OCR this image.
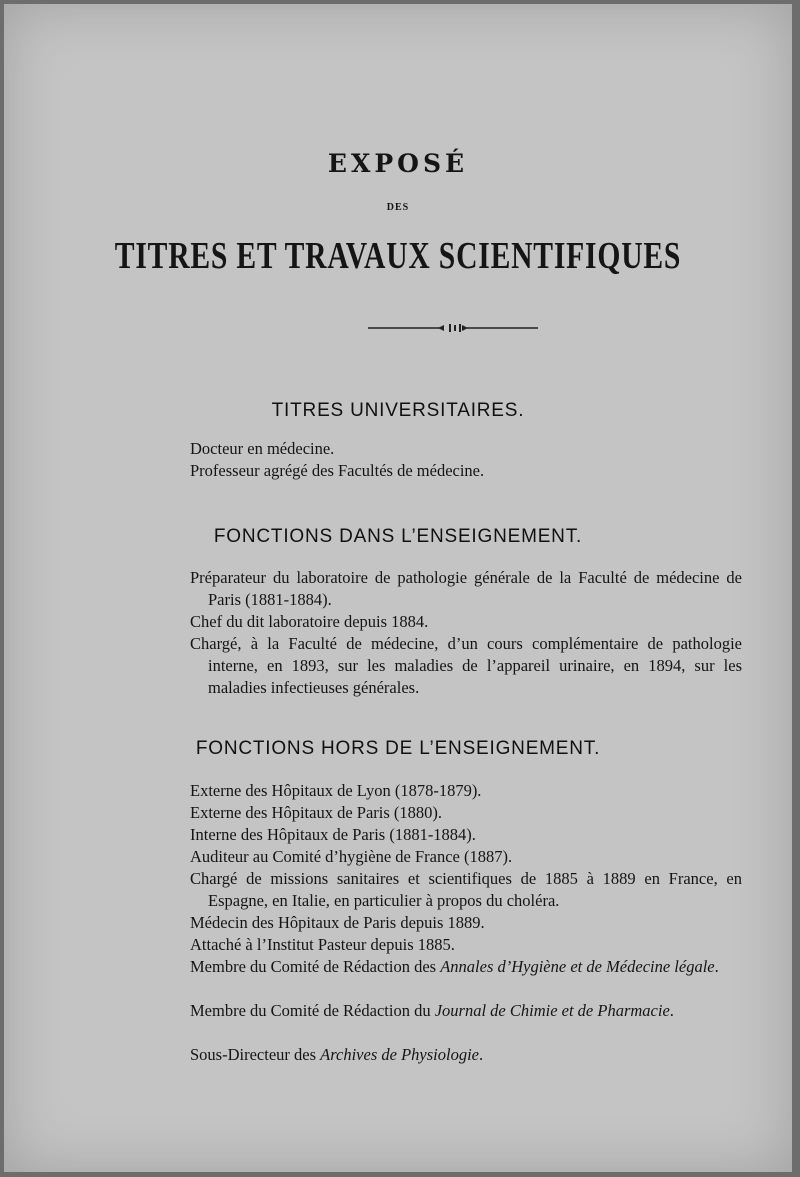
EXPOSÉ
DES
TITRES ET TRAVAUX SCIENTIFIQUES
TITRES UNIVERSITAIRES.
Docteur en médecine.
Professeur agrégé des Facultés de médecine.
FONCTIONS DANS L’ENSEIGNEMENT.
Préparateur du laboratoire de pathologie générale de la Faculté de médecine de Paris (1881-1884).
Chef du dit laboratoire depuis 1884.
Chargé, à la Faculté de médecine, d’un cours complémentaire de pathologie interne, en 1893, sur les maladies de l’appareil urinaire, en 1894, sur les maladies infectieuses générales.
FONCTIONS HORS DE L’ENSEIGNEMENT.
Externe des Hôpitaux de Lyon (1878-1879).
Externe des Hôpitaux de Paris (1880).
Interne des Hôpitaux de Paris (1881-1884).
Auditeur au Comité d’hygiène de France (1887).
Chargé de missions sanitaires et scientifiques de 1885 à 1889 en France, en Espagne, en Italie, en particulier à propos du choléra.
Médecin des Hôpitaux de Paris depuis 1889.
Attaché à l’Institut Pasteur depuis 1885.
Membre du Comité de Rédaction des Annales d’Hygiène et de Médecine légale.
Membre du Comité de Rédaction du Journal de Chimie et de Pharmacie.
Sous-Directeur des Archives de Physiologie.
